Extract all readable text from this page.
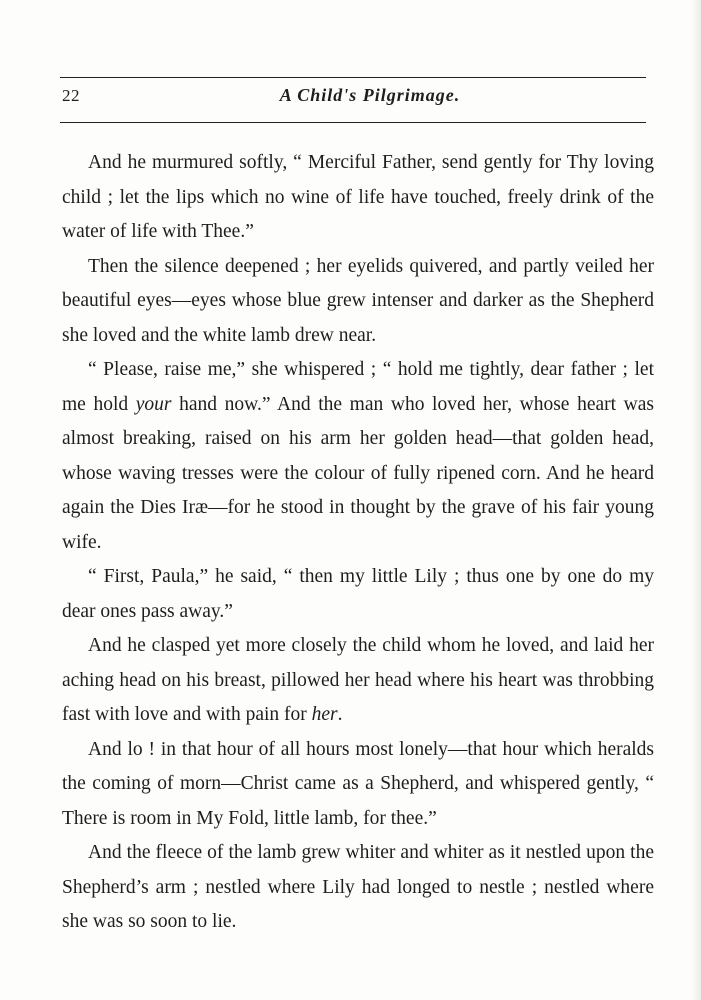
22	A Child's Pilgrimage.

And he murmured softly, “ Merciful Father, send gently for Thy loving child ; let the lips which no wine of life have touched, freely drink of the water of life with Thee.”

Then the silence deepened ; her eyelids quivered, and partly veiled her beautiful eyes—eyes whose blue grew intenser and darker as the Shepherd she loved and the white lamb drew near.

“ Please, raise me,” she whispered ; “ hold me tightly, dear father ; let me hold your hand now.” And the man who loved her, whose heart was almost breaking, raised on his arm her golden head—that golden head, whose waving tresses were the colour of fully ripened corn. And he heard again the Dies Iræ—for he stood in thought by the grave of his fair young wife.

“ First, Paula,” he said, “ then my little Lily ; thus one by one do my dear ones pass away.”

And he clasped yet more closely the child whom he loved, and laid her aching head on his breast, pillowed her head where his heart was throbbing fast with love and with pain for her.

And lo ! in that hour of all hours most lonely—that hour which heralds the coming of morn—Christ came as a Shepherd, and whispered gently, “ There is room in My Fold, little lamb, for thee.”

And the fleece of the lamb grew whiter and whiter as it nestled upon the Shepherd’s arm ; nestled where Lily had longed to nestle ; nestled where she was so soon to lie.
